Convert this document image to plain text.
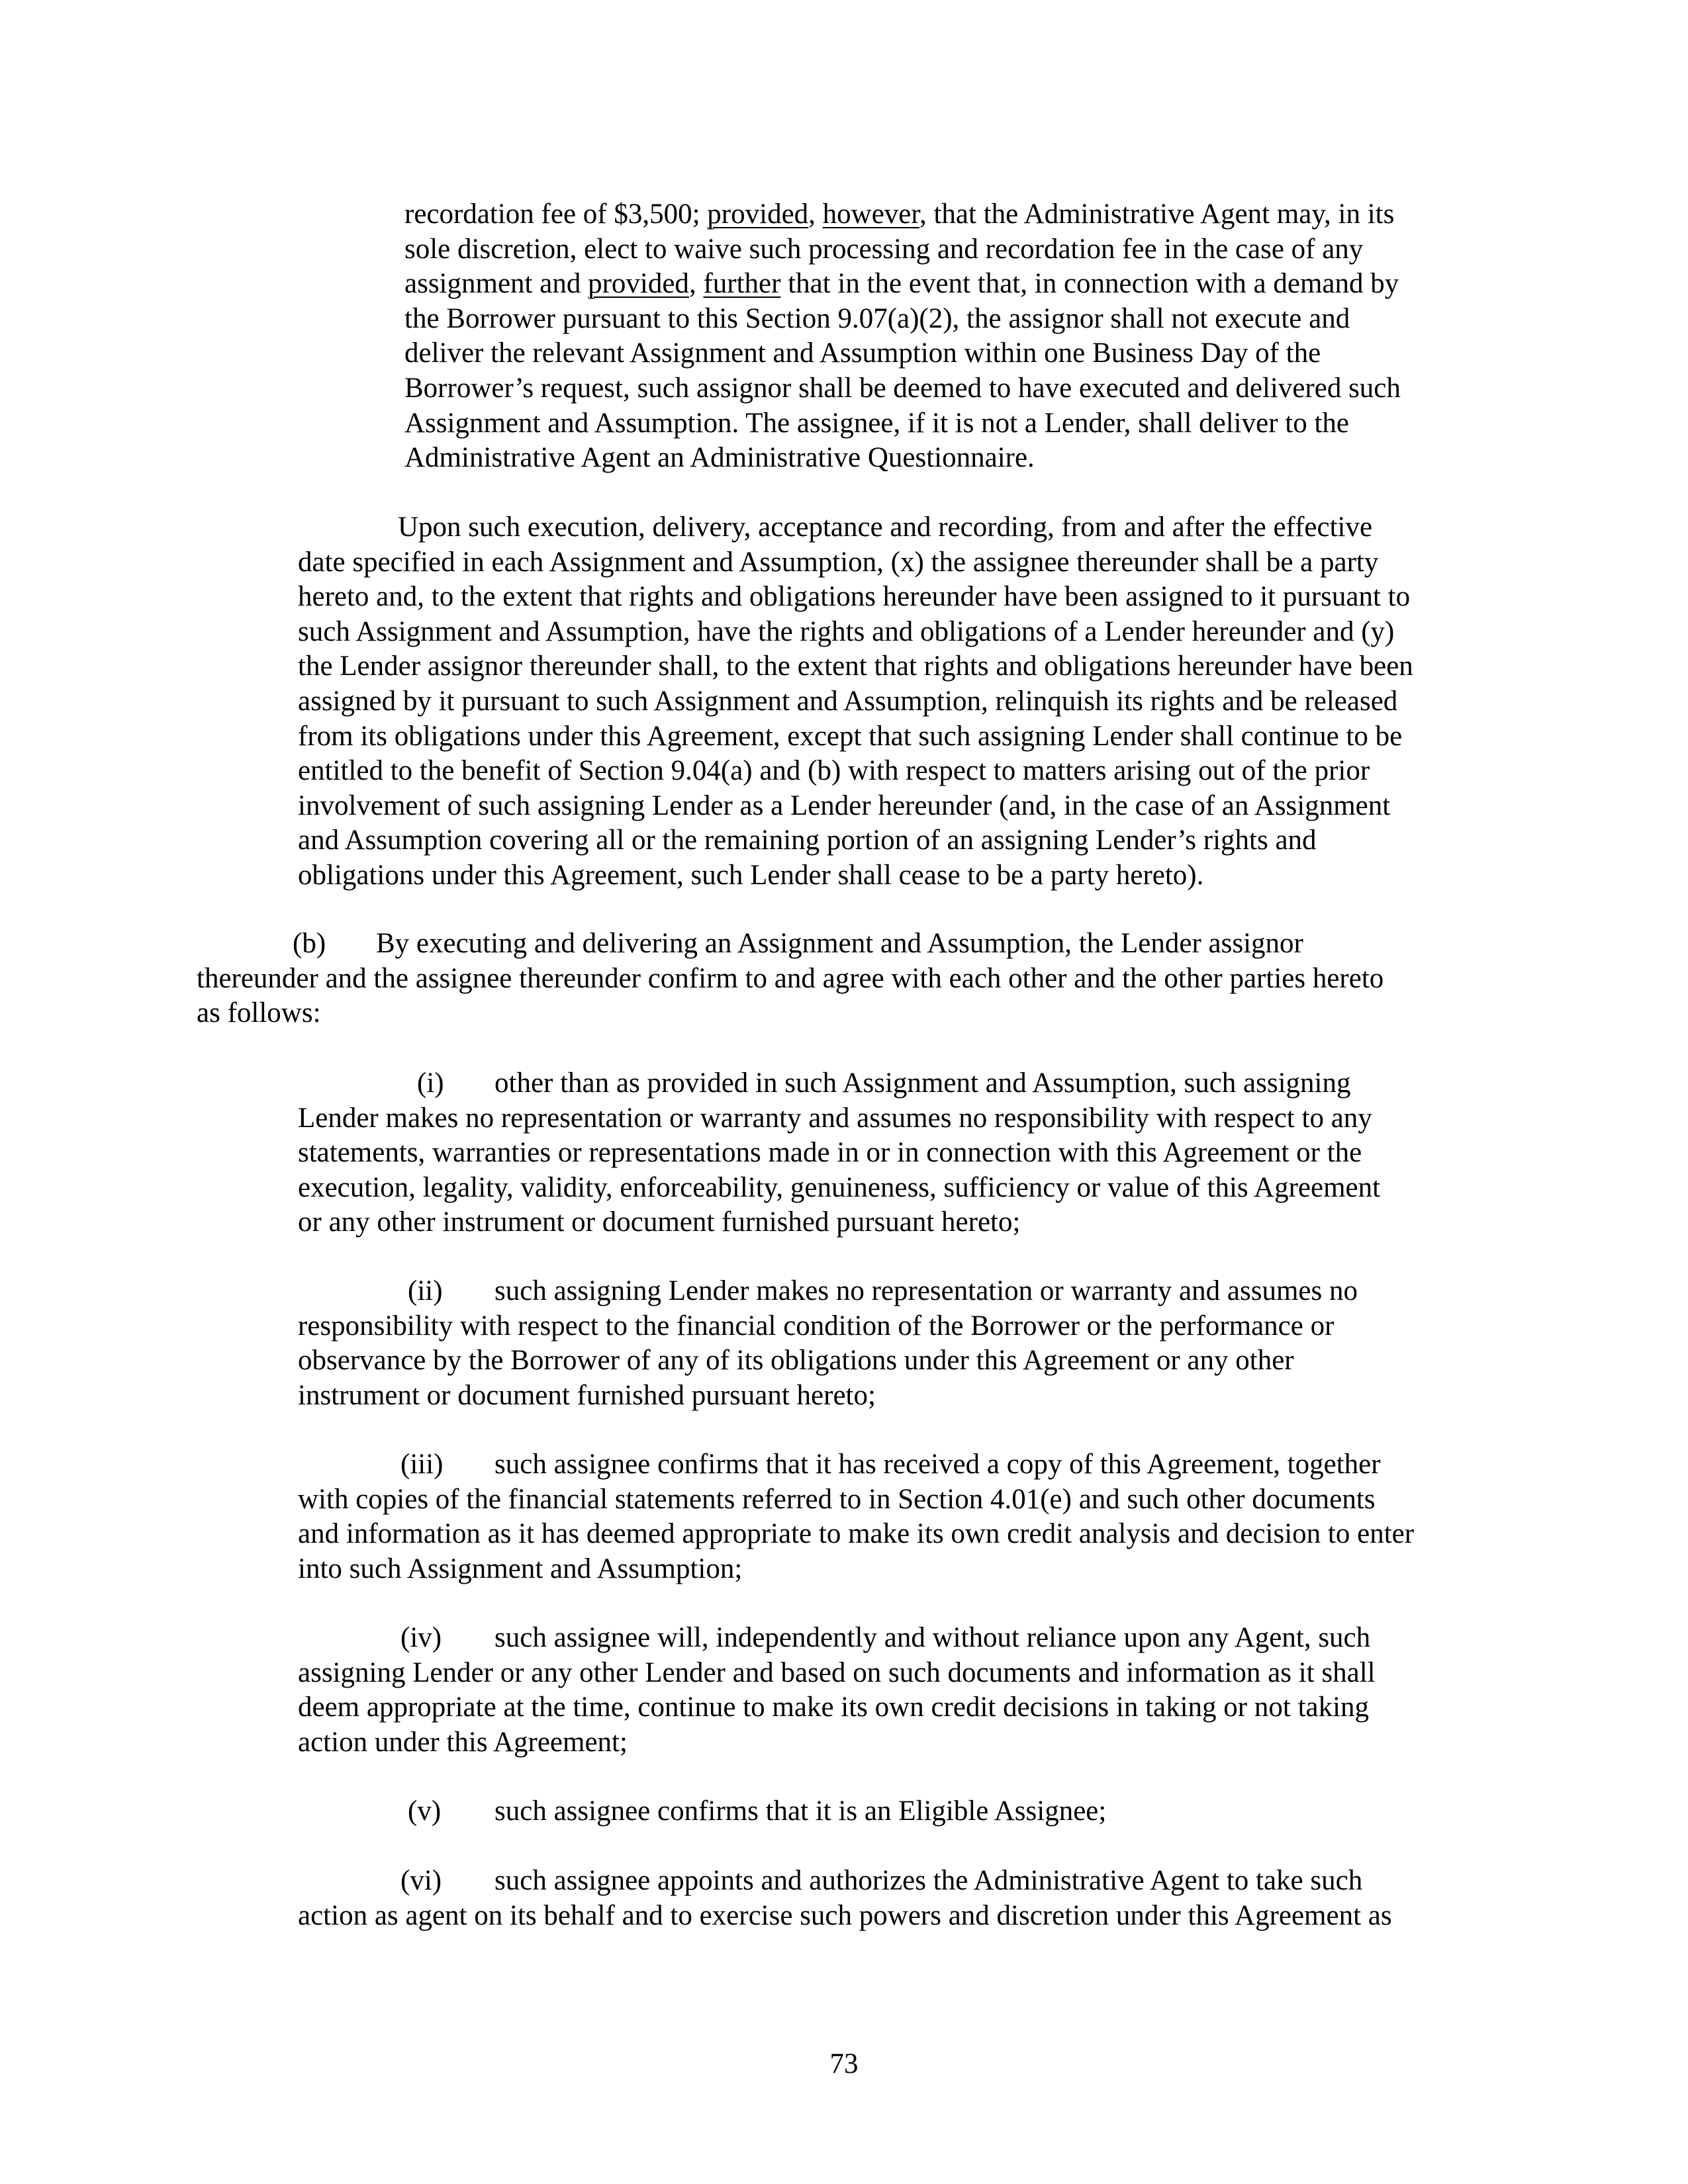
recordation fee of $3,500; provided, however, that the Administrative Agent may, in its
sole discretion, elect to waive such processing and recordation fee in the case of any
assignment and provided, further that in the event that, in connection with a demand by
the Borrower pursuant to this Section 9.07(a)(2), the assignor shall not execute and
deliver the relevant Assignment and Assumption within one Business Day of the
Borrower’s request, such assignor shall be deemed to have executed and delivered such
Assignment and Assumption. The assignee, if it is not a Lender, shall deliver to the
Administrative Agent an Administrative Questionnaire.
Upon such execution, delivery, acceptance and recording, from and after the effective
date specified in each Assignment and Assumption, (x) the assignee thereunder shall be a party
hereto and, to the extent that rights and obligations hereunder have been assigned to it pursuant to
such Assignment and Assumption, have the rights and obligations of a Lender hereunder and (y)
the Lender assignor thereunder shall, to the extent that rights and obligations hereunder have been
assigned by it pursuant to such Assignment and Assumption, relinquish its rights and be released
from its obligations under this Agreement, except that such assigning Lender shall continue to be
entitled to the benefit of Section 9.04(a) and (b) with respect to matters arising out of the prior
involvement of such assigning Lender as a Lender hereunder (and, in the case of an Assignment
and Assumption covering all or the remaining portion of an assigning Lender’s rights and
obligations under this Agreement, such Lender shall cease to be a party hereto).
(b) By executing and delivering an Assignment and Assumption, the Lender assignor
thereunder and the assignee thereunder confirm to and agree with each other and the other parties hereto
as follows:
(i) other than as provided in such Assignment and Assumption, such assigning
Lender makes no representation or warranty and assumes no responsibility with respect to any
statements, warranties or representations made in or in connection with this Agreement or the
execution, legality, validity, enforceability, genuineness, sufficiency or value of this Agreement
or any other instrument or document furnished pursuant hereto;
(ii) such assigning Lender makes no representation or warranty and assumes no
responsibility with respect to the financial condition of the Borrower or the performance or
observance by the Borrower of any of its obligations under this Agreement or any other
instrument or document furnished pursuant hereto;
(iii) such assignee confirms that it has received a copy of this Agreement, together
with copies of the financial statements referred to in Section 4.01(e) and such other documents
and information as it has deemed appropriate to make its own credit analysis and decision to enter
into such Assignment and Assumption;
(iv) such assignee will, independently and without reliance upon any Agent, such
assigning Lender or any other Lender and based on such documents and information as it shall
deem appropriate at the time, continue to make its own credit decisions in taking or not taking
action under this Agreement;
(v) such assignee confirms that it is an Eligible Assignee;
(vi) such assignee appoints and authorizes the Administrative Agent to take such
action as agent on its behalf and to exercise such powers and discretion under this Agreement as
73
